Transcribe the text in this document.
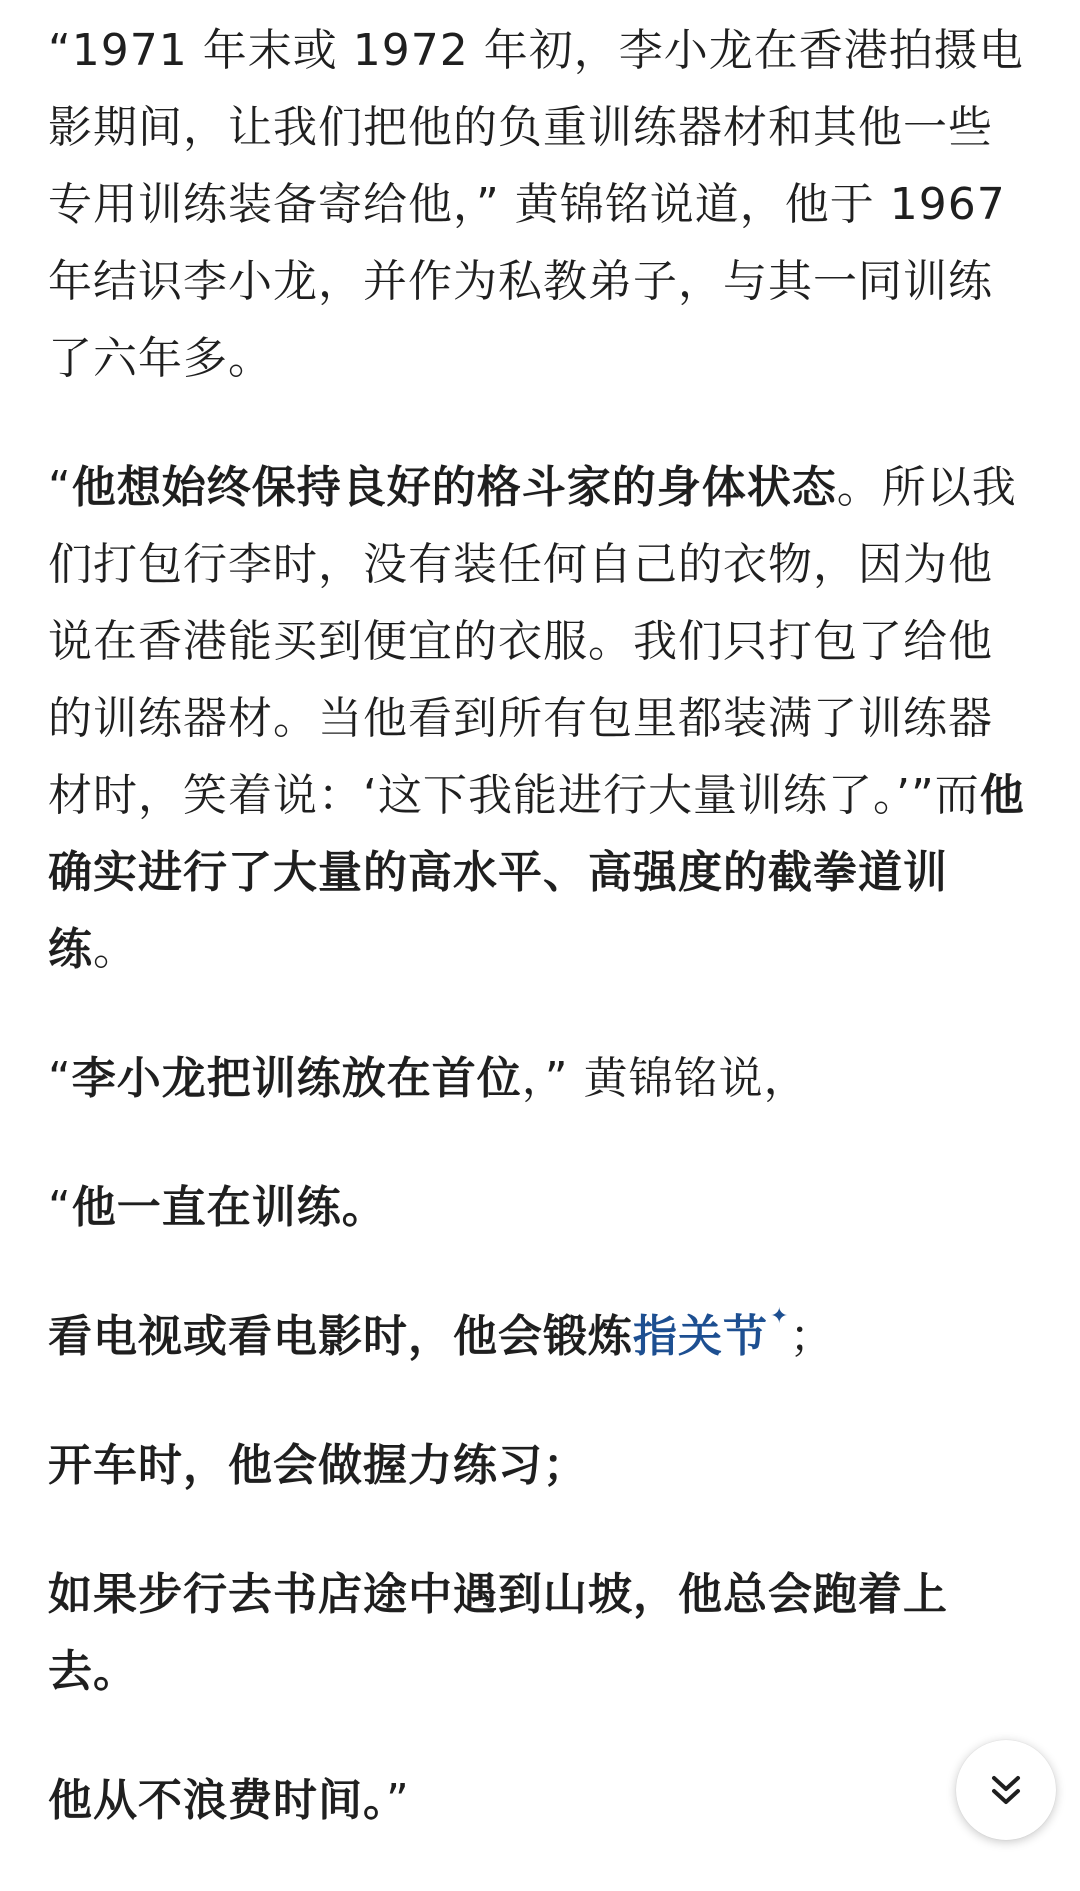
“1971 年末或 1972 年初，李小龙在香港拍摄电影期间，让我们把他的负重训练器材和其他一些专用训练装备寄给他，” 黄锦铭说道，他于 1967 年结识李小龙，并作为私教弟子，与其一同训练了六年多。

“他想始终保持良好的格斗家的身体状态。所以我们打包行李时，没有装任何自己的衣物，因为他说在香港能买到便宜的衣服。我们只打包了给他的训练器材。当他看到所有包里都装满了训练器材时，笑着说：‘这下我能进行大量训练了。’”而他确实进行了大量的高水平、高强度的截拳道训练。

“李小龙把训练放在首位，” 黄锦铭说，

“他一直在训练。

看电视或看电影时，他会锻炼指关节✦；

开车时，他会做握力练习；

如果步行去书店途中遇到山坡，他总会跑着上去。

他从不浪费时间。”
